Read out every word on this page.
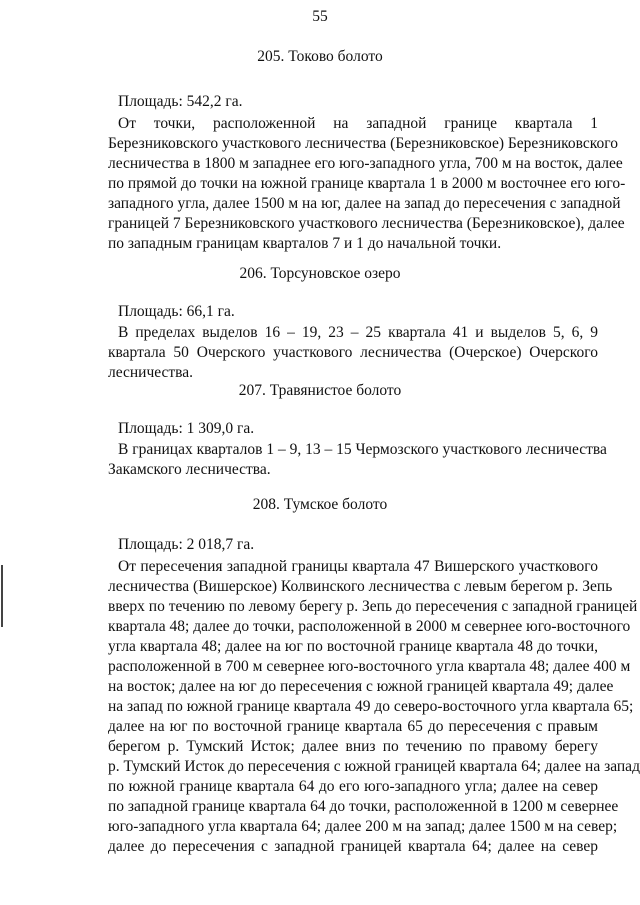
55
205. Токово болото
Площадь: 542,2 га.
От точки, расположенной на западной границе квартала 1
Березниковского участкового лесничества (Березниковское) Березниковского
лесничества в 1800 м западнее его юго-западного угла, 700 м на восток, далее
по прямой до точки на южной границе квартала 1 в 2000 м восточнее его юго-
западного угла, далее 1500 м на юг, далее на запад до пересечения с западной
границей 7 Березниковского участкового лесничества (Березниковское), далее
по западным границам кварталов 7 и 1 до начальной точки.
206. Торсуновское озеро
Площадь: 66,1 га.
В пределах выделов 16 – 19, 23 – 25 квартала 41 и выделов 5, 6, 9
квартала 50 Очерского участкового лесничества (Очерское) Очерского
лесничества.
207. Травянистое болото
Площадь: 1 309,0 га.
В границах кварталов 1 – 9, 13 – 15 Чермозского участкового лесничества
Закамского лесничества.
208. Тумское болото
Площадь: 2 018,7 га.
От пересечения западной границы квартала 47 Вишерского участкового
лесничества (Вишерское) Колвинского лесничества с левым берегом р. Зепь
вверх по течению по левому берегу р. Зепь до пересечения с западной границей
квартала 48; далее до точки, расположенной в 2000 м севернее юго-восточного
угла квартала 48; далее на юг по восточной границе квартала 48 до точки,
расположенной в 700 м севернее юго-восточного угла квартала 48; далее 400 м
на восток; далее на юг до пересечения с южной границей квартала 49; далее
на запад по южной границе квартала 49 до северо-восточного угла квартала 65;
далее на юг по восточной границе квартала 65 до пересечения с правым
берегом р. Тумский Исток; далее вниз по течению по правому берегу
р. Тумский Исток до пересечения с южной границей квартала 64; далее на запад
по южной границе квартала 64 до его юго-западного угла; далее на север
по западной границе квартала 64 до точки, расположенной в 1200 м севернее
юго-западного угла квартала 64; далее 200 м на запад; далее 1500 м на север;
далее до пересечения с западной границей квартала 64; далее на север
